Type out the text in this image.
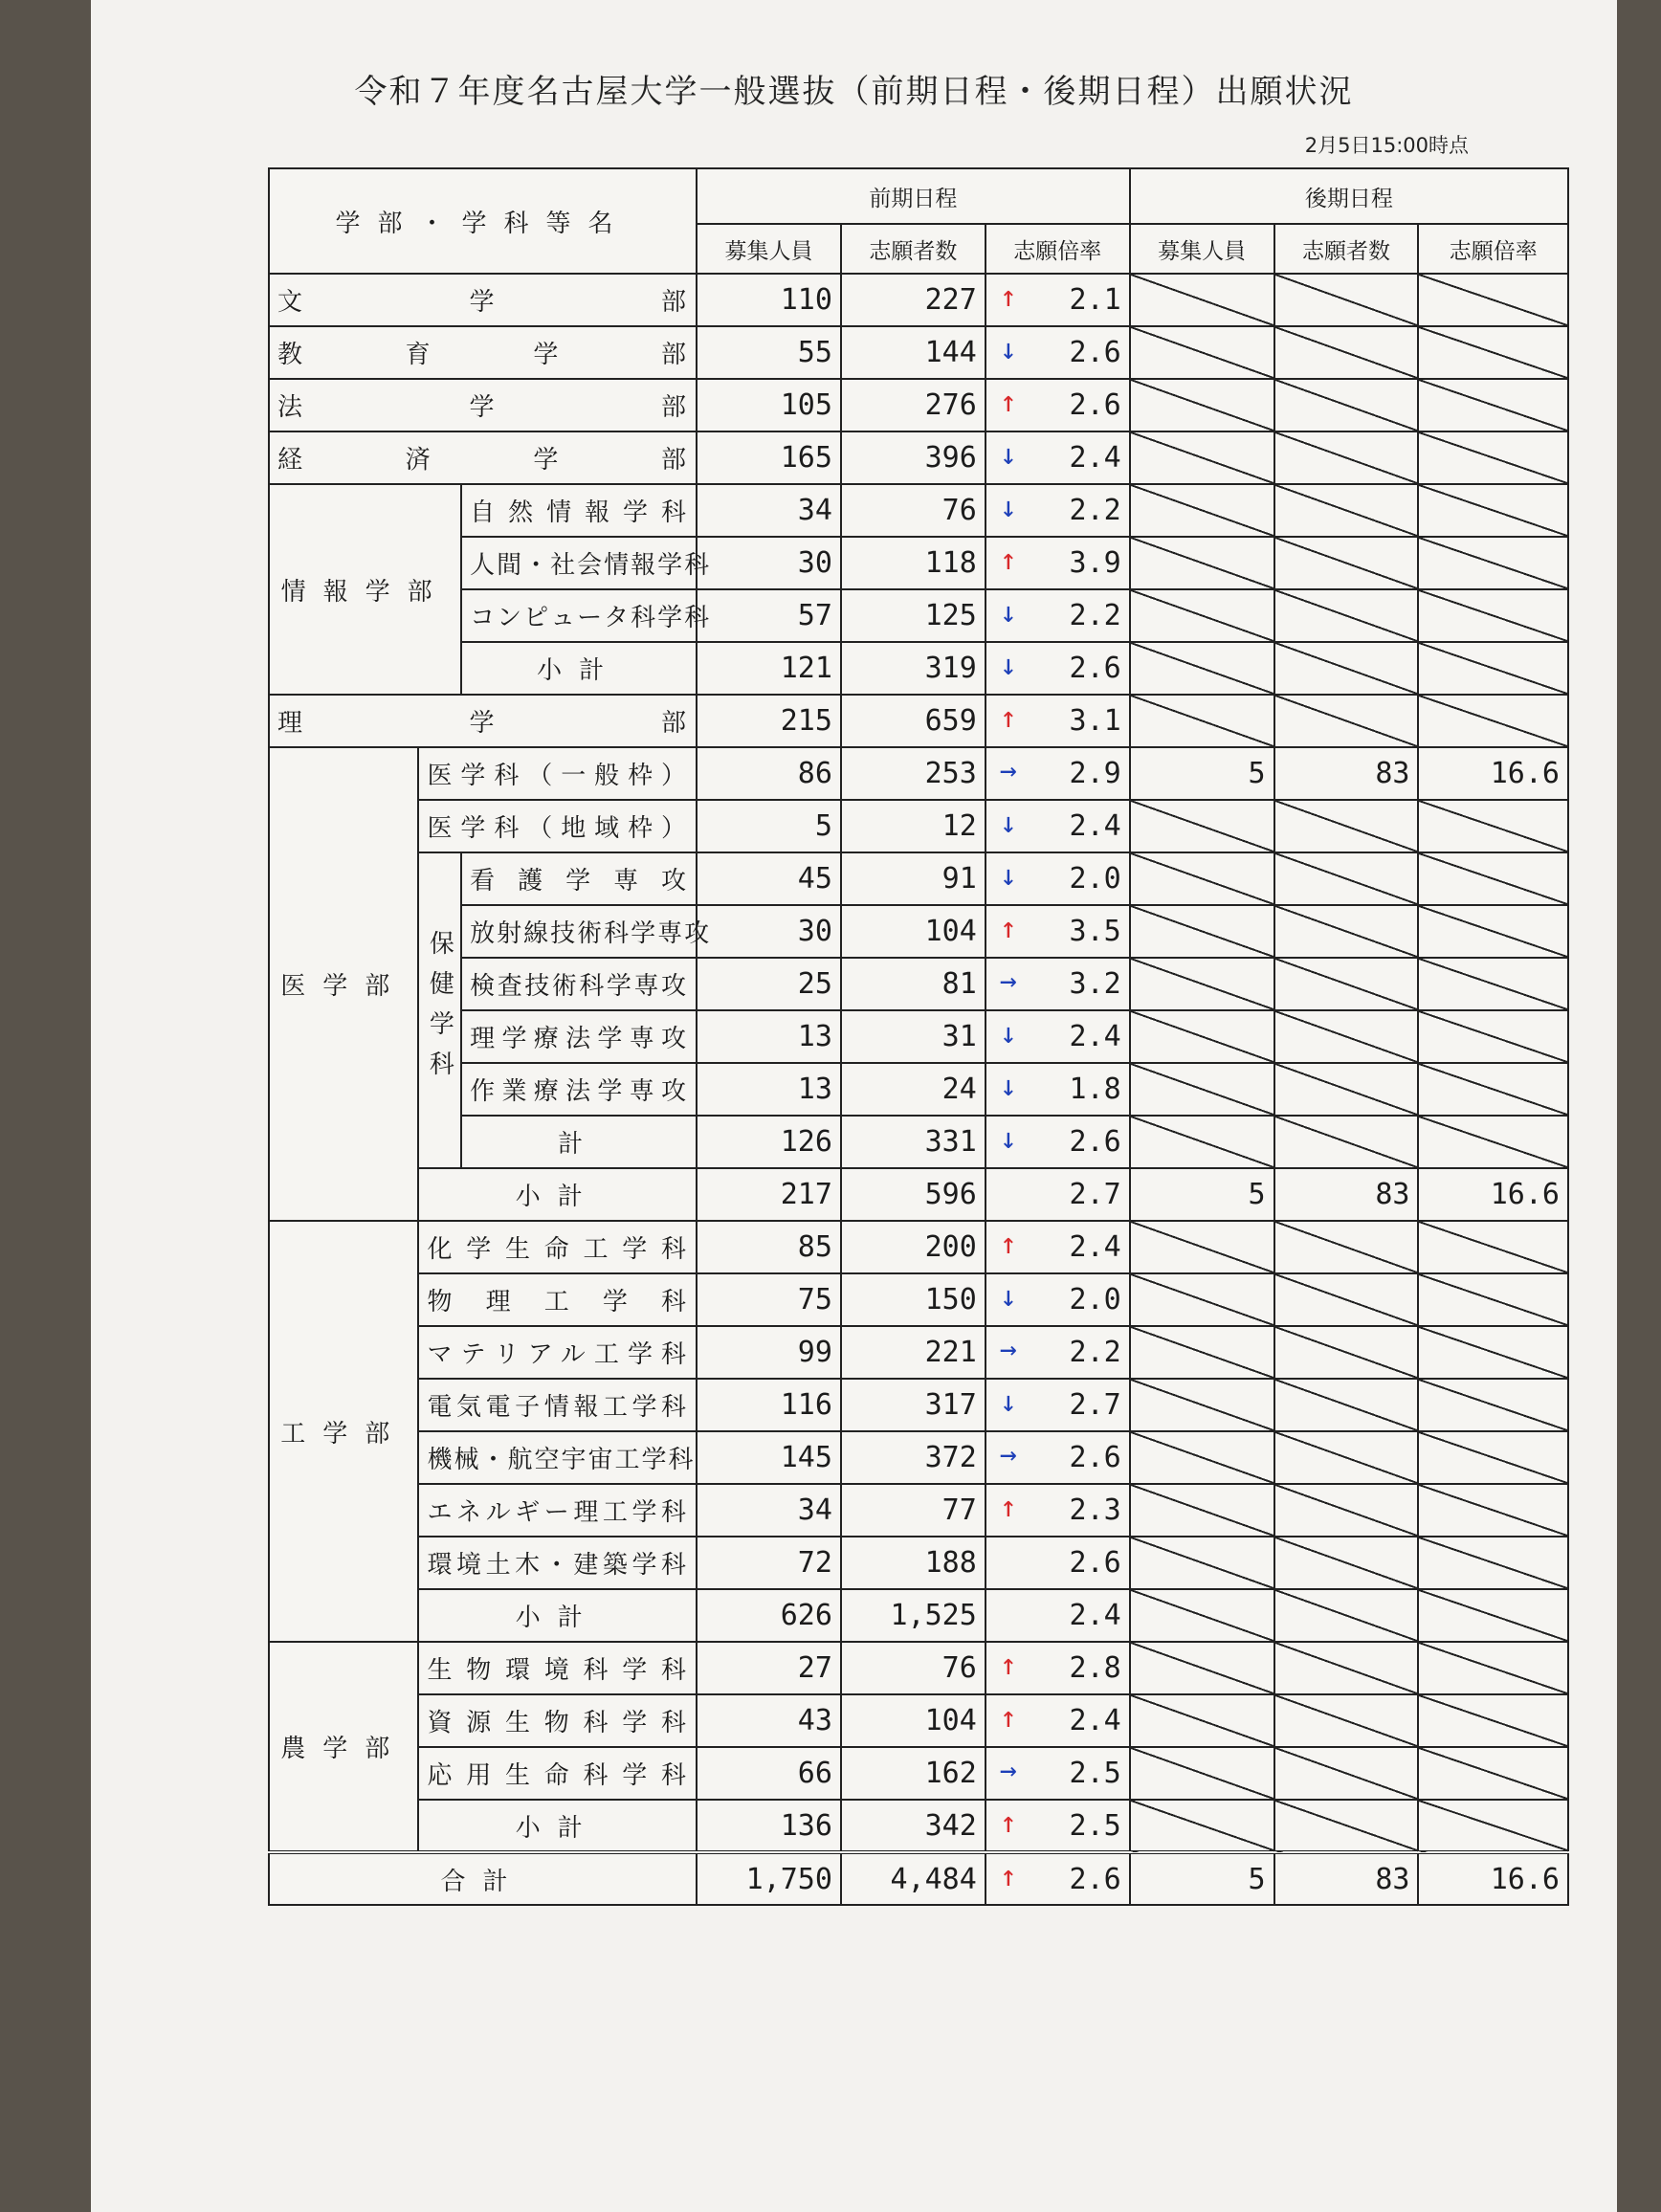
令和７年度名古屋大学一般選抜（前期日程・後期日程）出願状況
2月5日15:00時点
学部・学科等名			前期日程			後期日程		
			募集人員	志願者数	志願倍率	募集人員	志願者数	志願倍率
文学部			110	227	↑ 2.1			
教育学部			55	144	↓ 2.6			
法学部			105	276	↑ 2.6			
経済学部			165	396	↓ 2.4			
情報学部		自然情報学科	34	76	↓ 2.2			
		人間・社会情報学科	30	118	↑ 3.9			
		コンピュータ科学科	57	125	↓ 2.2			
		小計	121	319	↓ 2.6			
理学部			215	659	↑ 3.1			
医学部	医学科（一般枠）		86	253	→ 2.9	5	83	16.6
	医学科（地域枠）		5	12	↓ 2.4			
	保健学科	看護学専攻	45	91	↓ 2.0			
		放射線技術科学専攻	30	104	↑ 3.5			
		検査技術科学専攻	25	81	→ 3.2			
		理学療法学専攻	13	31	↓ 2.4			
		作業療法学専攻	13	24	↓ 1.8			
		計	126	331	↓ 2.6			
	小計		217	596	2.7	5	83	16.6
工学部	化学生命工学科		85	200	↑ 2.4			
	物理工学科		75	150	↓ 2.0			
	マテリアル工学科		99	221	→ 2.2			
	電気電子情報工学科		116	317	↓ 2.7			
	機械・航空宇宙工学科		145	372	→ 2.6			
	エネルギー理工学科		34	77	↑ 2.3			
	環境土木・建築学科		72	188	2.6			
	小計		626	1,525	2.4			
農学部	生物環境科学科		27	76	↑ 2.8			
	資源生物科学科		43	104	↑ 2.4			
	応用生命科学科		66	162	→ 2.5			
	小計		136	342	↑ 2.5			
合計			1,750	4,484	↑ 2.6	5	83	16.6
